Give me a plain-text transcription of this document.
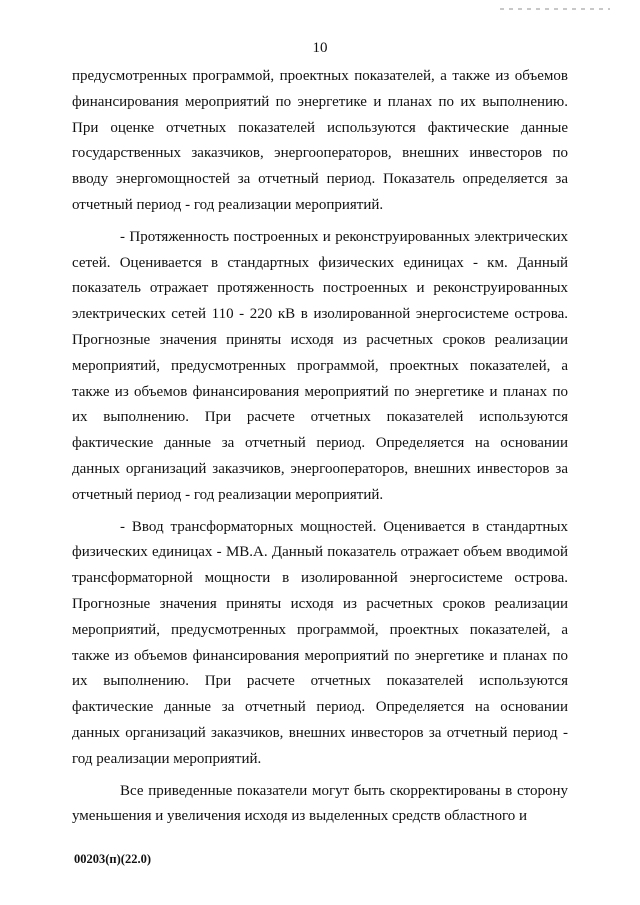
10

предусмотренных программой, проектных показателей, а также из объемов финансирования мероприятий по энергетике и планах по их выполнению. При оценке отчетных показателей используются фактические данные государственных заказчиков, энергооператоров, внешних инвесторов по вводу энергомощностей за отчетный период. Показатель определяется за отчетный период - год реализации мероприятий.

- Протяженность построенных и реконструированных электрических сетей. Оценивается в стандартных физических единицах - км. Данный показатель отражает протяженность построенных и реконструированных электрических сетей 110 - 220 кВ в изолированной энергосистеме острова. Прогнозные значения приняты исходя из расчетных сроков реализации мероприятий, предусмотренных программой, проектных показателей, а также из объемов финансирования мероприятий по энергетике и планах по их выполнению. При расчете отчетных показателей используются фактические данные за отчетный период. Определяется на основании данных организаций заказчиков, энергооператоров, внешних инвесторов за отчетный период - год реализации мероприятий.

- Ввод трансформаторных мощностей. Оценивается в стандартных физических единицах - МВ.А. Данный показатель отражает объем вводимой трансформаторной мощности в изолированной энергосистеме острова. Прогнозные значения приняты исходя из расчетных сроков реализации мероприятий, предусмотренных программой, проектных показателей, а также из объемов финансирования мероприятий по энергетике и планах по их выполнению. При расчете отчетных показателей используются фактические данные за отчетный период. Определяется на основании данных организаций заказчиков, внешних инвесторов за отчетный период - год реализации мероприятий.

Все приведенные показатели могут быть скорректированы в сторону уменьшения и увеличения исходя из выделенных средств областного и

00203(п)(22.0)
